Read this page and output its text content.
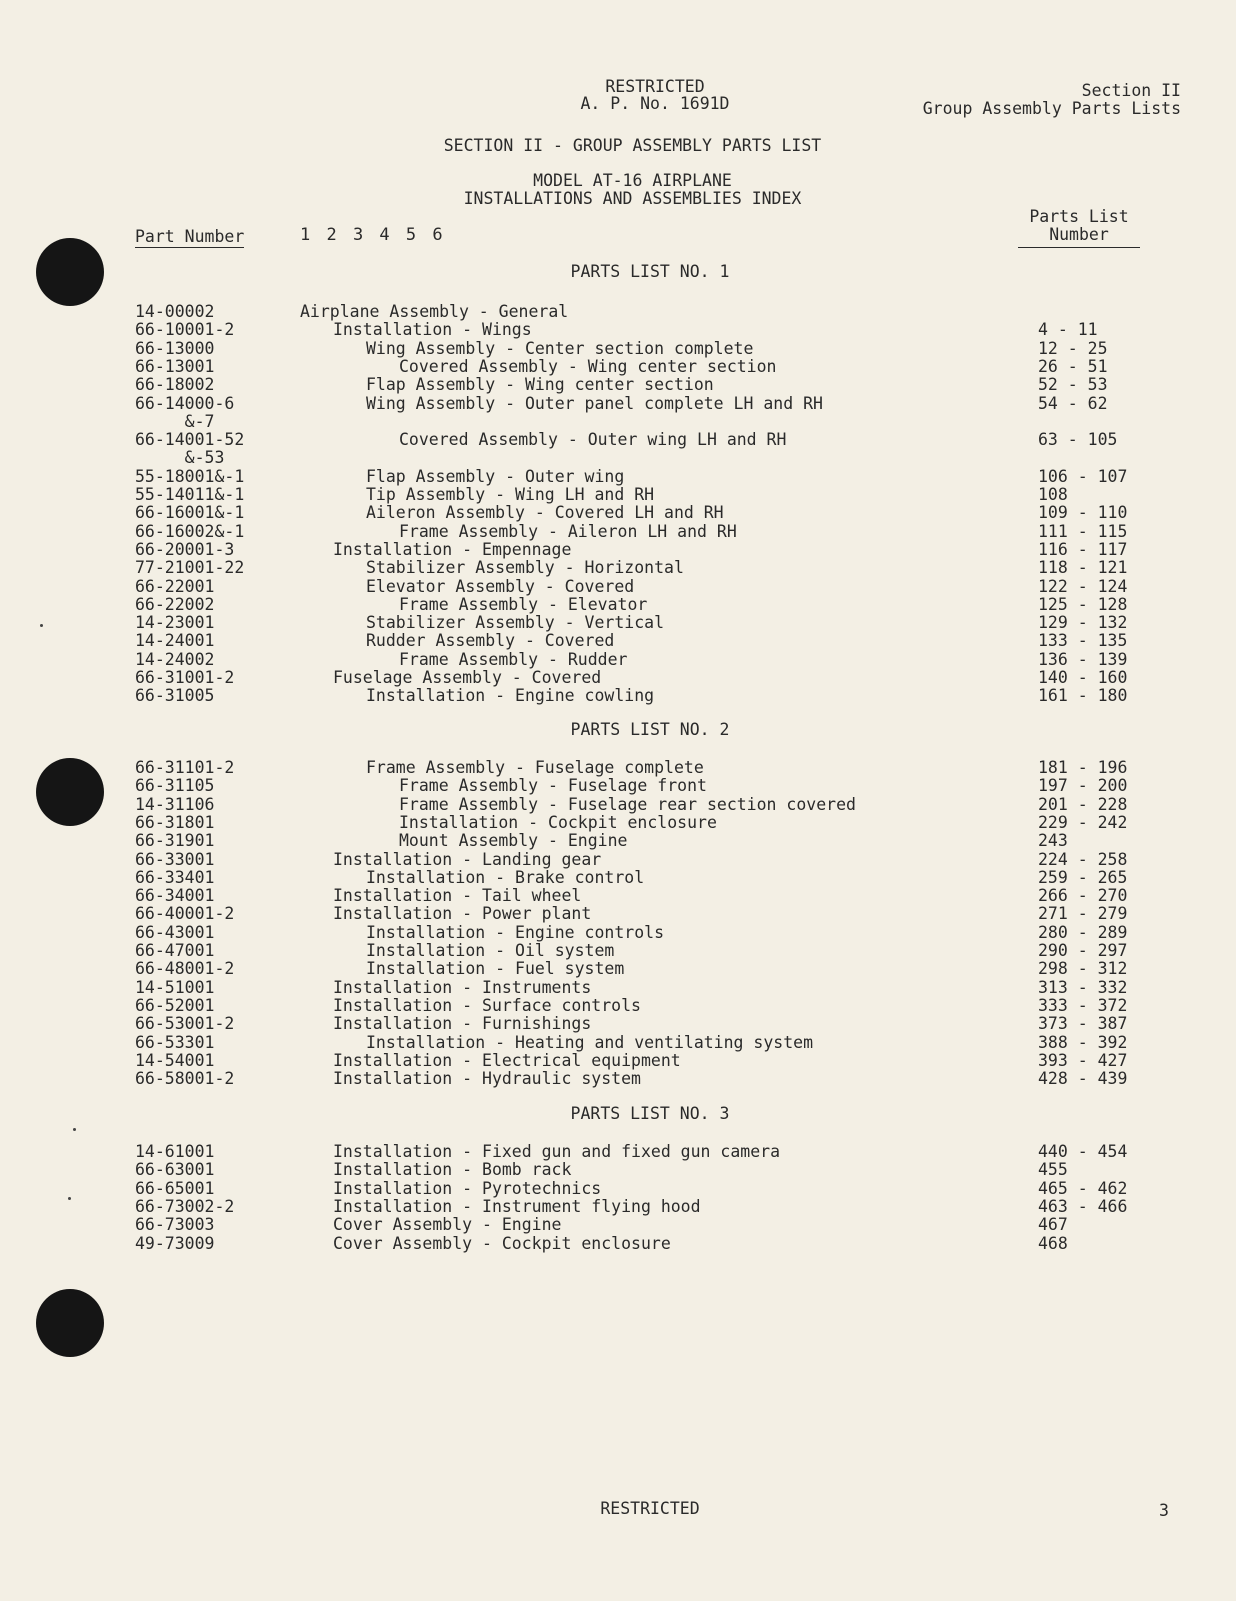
RESTRICTED
A. P. No. 1691D
Section II
Group Assembly Parts Lists
SECTION II - GROUP ASSEMBLY PARTS LIST
MODEL AT-16 AIRPLANE
INSTALLATIONS AND ASSEMBLIES INDEX
Part Number	1 2 3 4 5 6
Parts List
Number
PARTS LIST NO. 1
14-00002	Airplane Assembly - General
66-10001-2	Installation - Wings	4 - 11
66-13000	Wing Assembly - Center section complete	12 - 25
66-13001	Covered Assembly - Wing center section	26 - 51
66-18002	Flap Assembly - Wing center section	52 - 53
66-14000-6	Wing Assembly - Outer panel complete LH and RH	54 - 62
&-7
66-14001-52	Covered Assembly - Outer wing LH and RH	63 - 105
&-53
55-18001&-1	Flap Assembly - Outer wing	106 - 107
55-14011&-1	Tip Assembly - Wing LH and RH	108
66-16001&-1	Aileron Assembly - Covered LH and RH	109 - 110
66-16002&-1	Frame Assembly - Aileron LH and RH	111 - 115
66-20001-3	Installation - Empennage	116 - 117
77-21001-22	Stabilizer Assembly - Horizontal	118 - 121
66-22001	Elevator Assembly - Covered	122 - 124
66-22002	Frame Assembly - Elevator	125 - 128
14-23001	Stabilizer Assembly - Vertical	129 - 132
14-24001	Rudder Assembly - Covered	133 - 135
14-24002	Frame Assembly - Rudder	136 - 139
66-31001-2	Fuselage Assembly - Covered	140 - 160
66-31005	Installation - Engine cowling	161 - 180
PARTS LIST NO. 2
66-31101-2	Frame Assembly - Fuselage complete	181 - 196
66-31105	Frame Assembly - Fuselage front	197 - 200
14-31106	Frame Assembly - Fuselage rear section covered	201 - 228
66-31801	Installation - Cockpit enclosure	229 - 242
66-31901	Mount Assembly - Engine	243
66-33001	Installation - Landing gear	224 - 258
66-33401	Installation - Brake control	259 - 265
66-34001	Installation - Tail wheel	266 - 270
66-40001-2	Installation - Power plant	271 - 279
66-43001	Installation - Engine controls	280 - 289
66-47001	Installation - Oil system	290 - 297
66-48001-2	Installation - Fuel system	298 - 312
14-51001	Installation - Instruments	313 - 332
66-52001	Installation - Surface controls	333 - 372
66-53001-2	Installation - Furnishings	373 - 387
66-53301	Installation - Heating and ventilating system	388 - 392
14-54001	Installation - Electrical equipment	393 - 427
66-58001-2	Installation - Hydraulic system	428 - 439
PARTS LIST NO. 3
14-61001	Installation - Fixed gun and fixed gun camera	440 - 454
66-63001	Installation - Bomb rack	455
66-65001	Installation - Pyrotechnics	465 - 462
66-73002-2	Installation - Instrument flying hood	463 - 466
66-73003	Cover Assembly - Engine	467
49-73009	Cover Assembly - Cockpit enclosure	468
RESTRICTED	3
